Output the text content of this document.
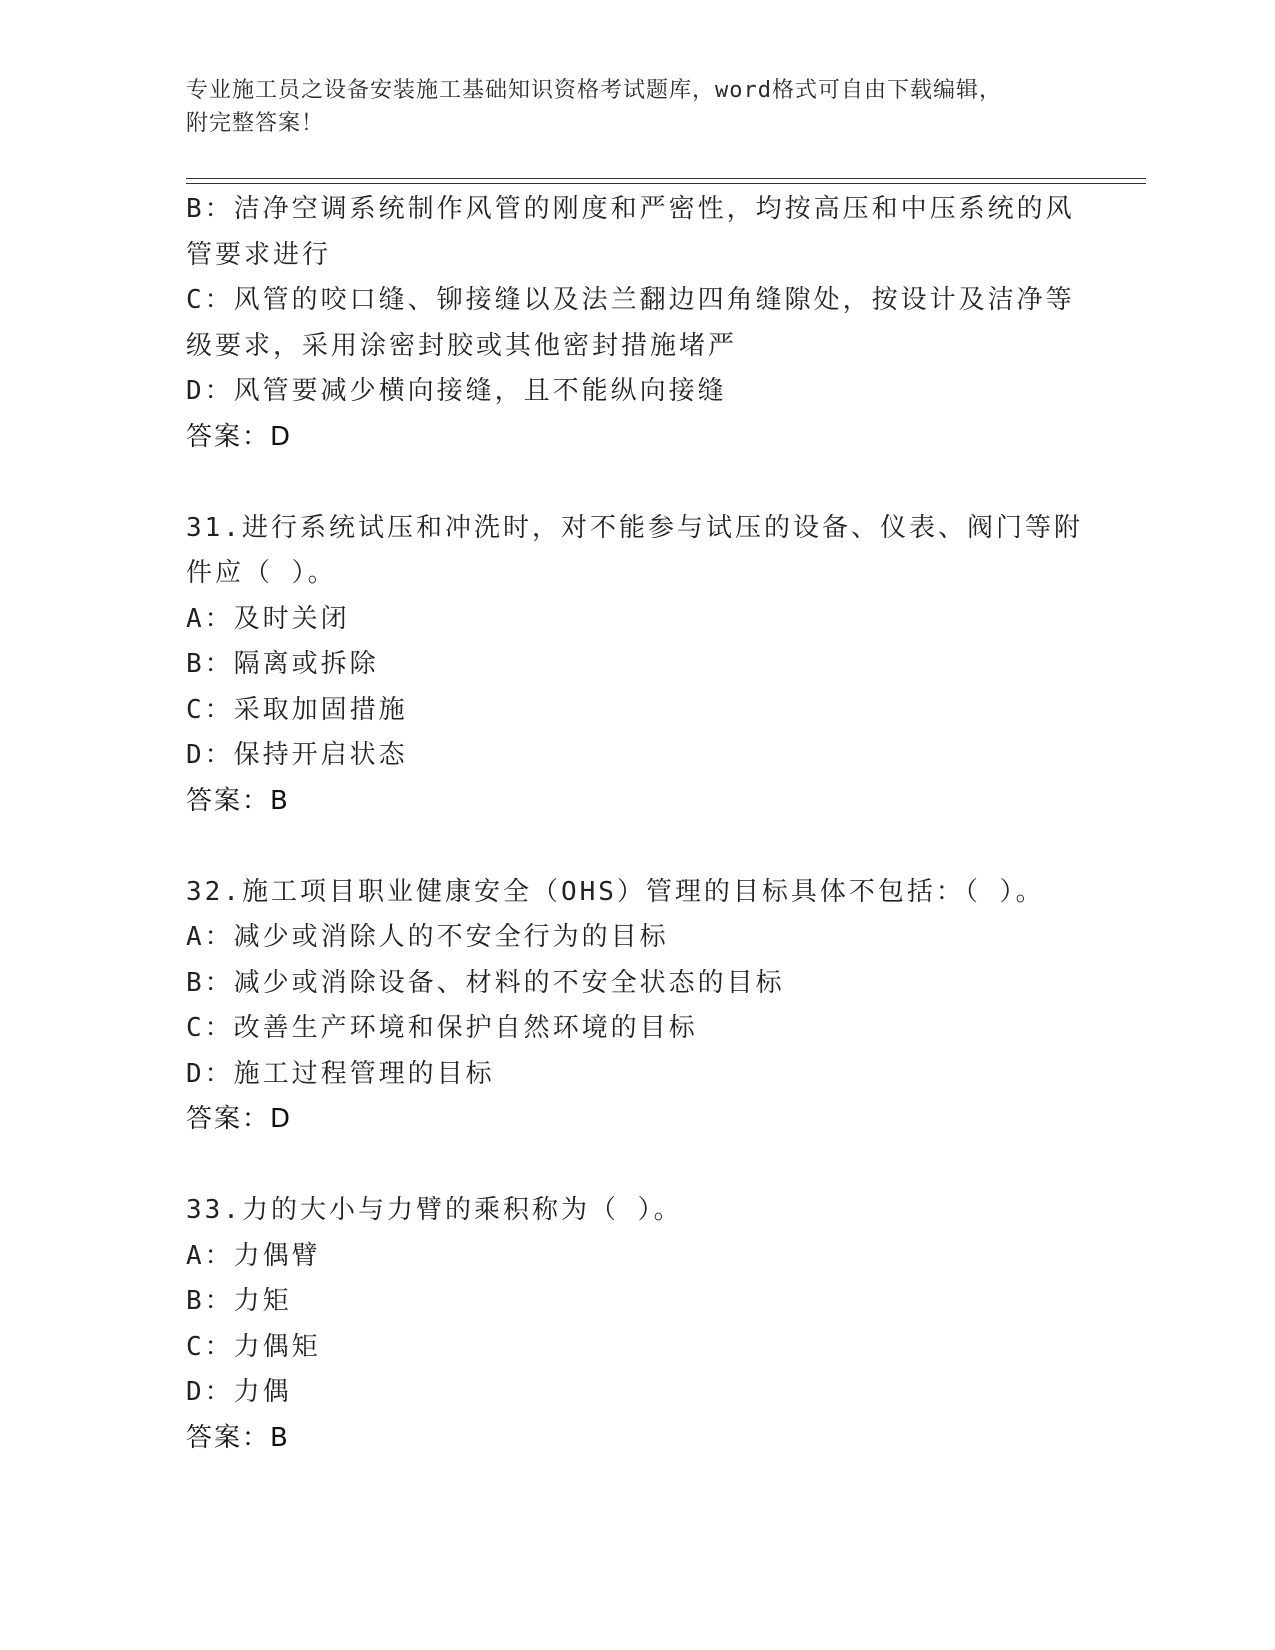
专业施工员之设备安装施工基础知识资格考试题库，word格式可自由下载编辑，
附完整答案！
B：洁净空调系统制作风管的刚度和严密性，均按高压和中压系统的风
管要求进行
C：风管的咬口缝、铆接缝以及法兰翻边四角缝隙处，按设计及洁净等
级要求，采用涂密封胶或其他密封措施堵严
D：风管要减少横向接缝，且不能纵向接缝
答案：D
31.进行系统试压和冲洗时，对不能参与试压的设备、仪表、阀门等附
件应（ ）。
A：及时关闭
B：隔离或拆除
C：采取加固措施
D：保持开启状态
答案：B
32.施工项目职业健康安全（OHS）管理的目标具体不包括：（ ）。
A：减少或消除人的不安全行为的目标
B：减少或消除设备、材料的不安全状态的目标
C：改善生产环境和保护自然环境的目标
D：施工过程管理的目标
答案：D
33.力的大小与力臂的乘积称为（ ）。
A：力偶臂
B：力矩
C：力偶矩
D：力偶
答案：B
